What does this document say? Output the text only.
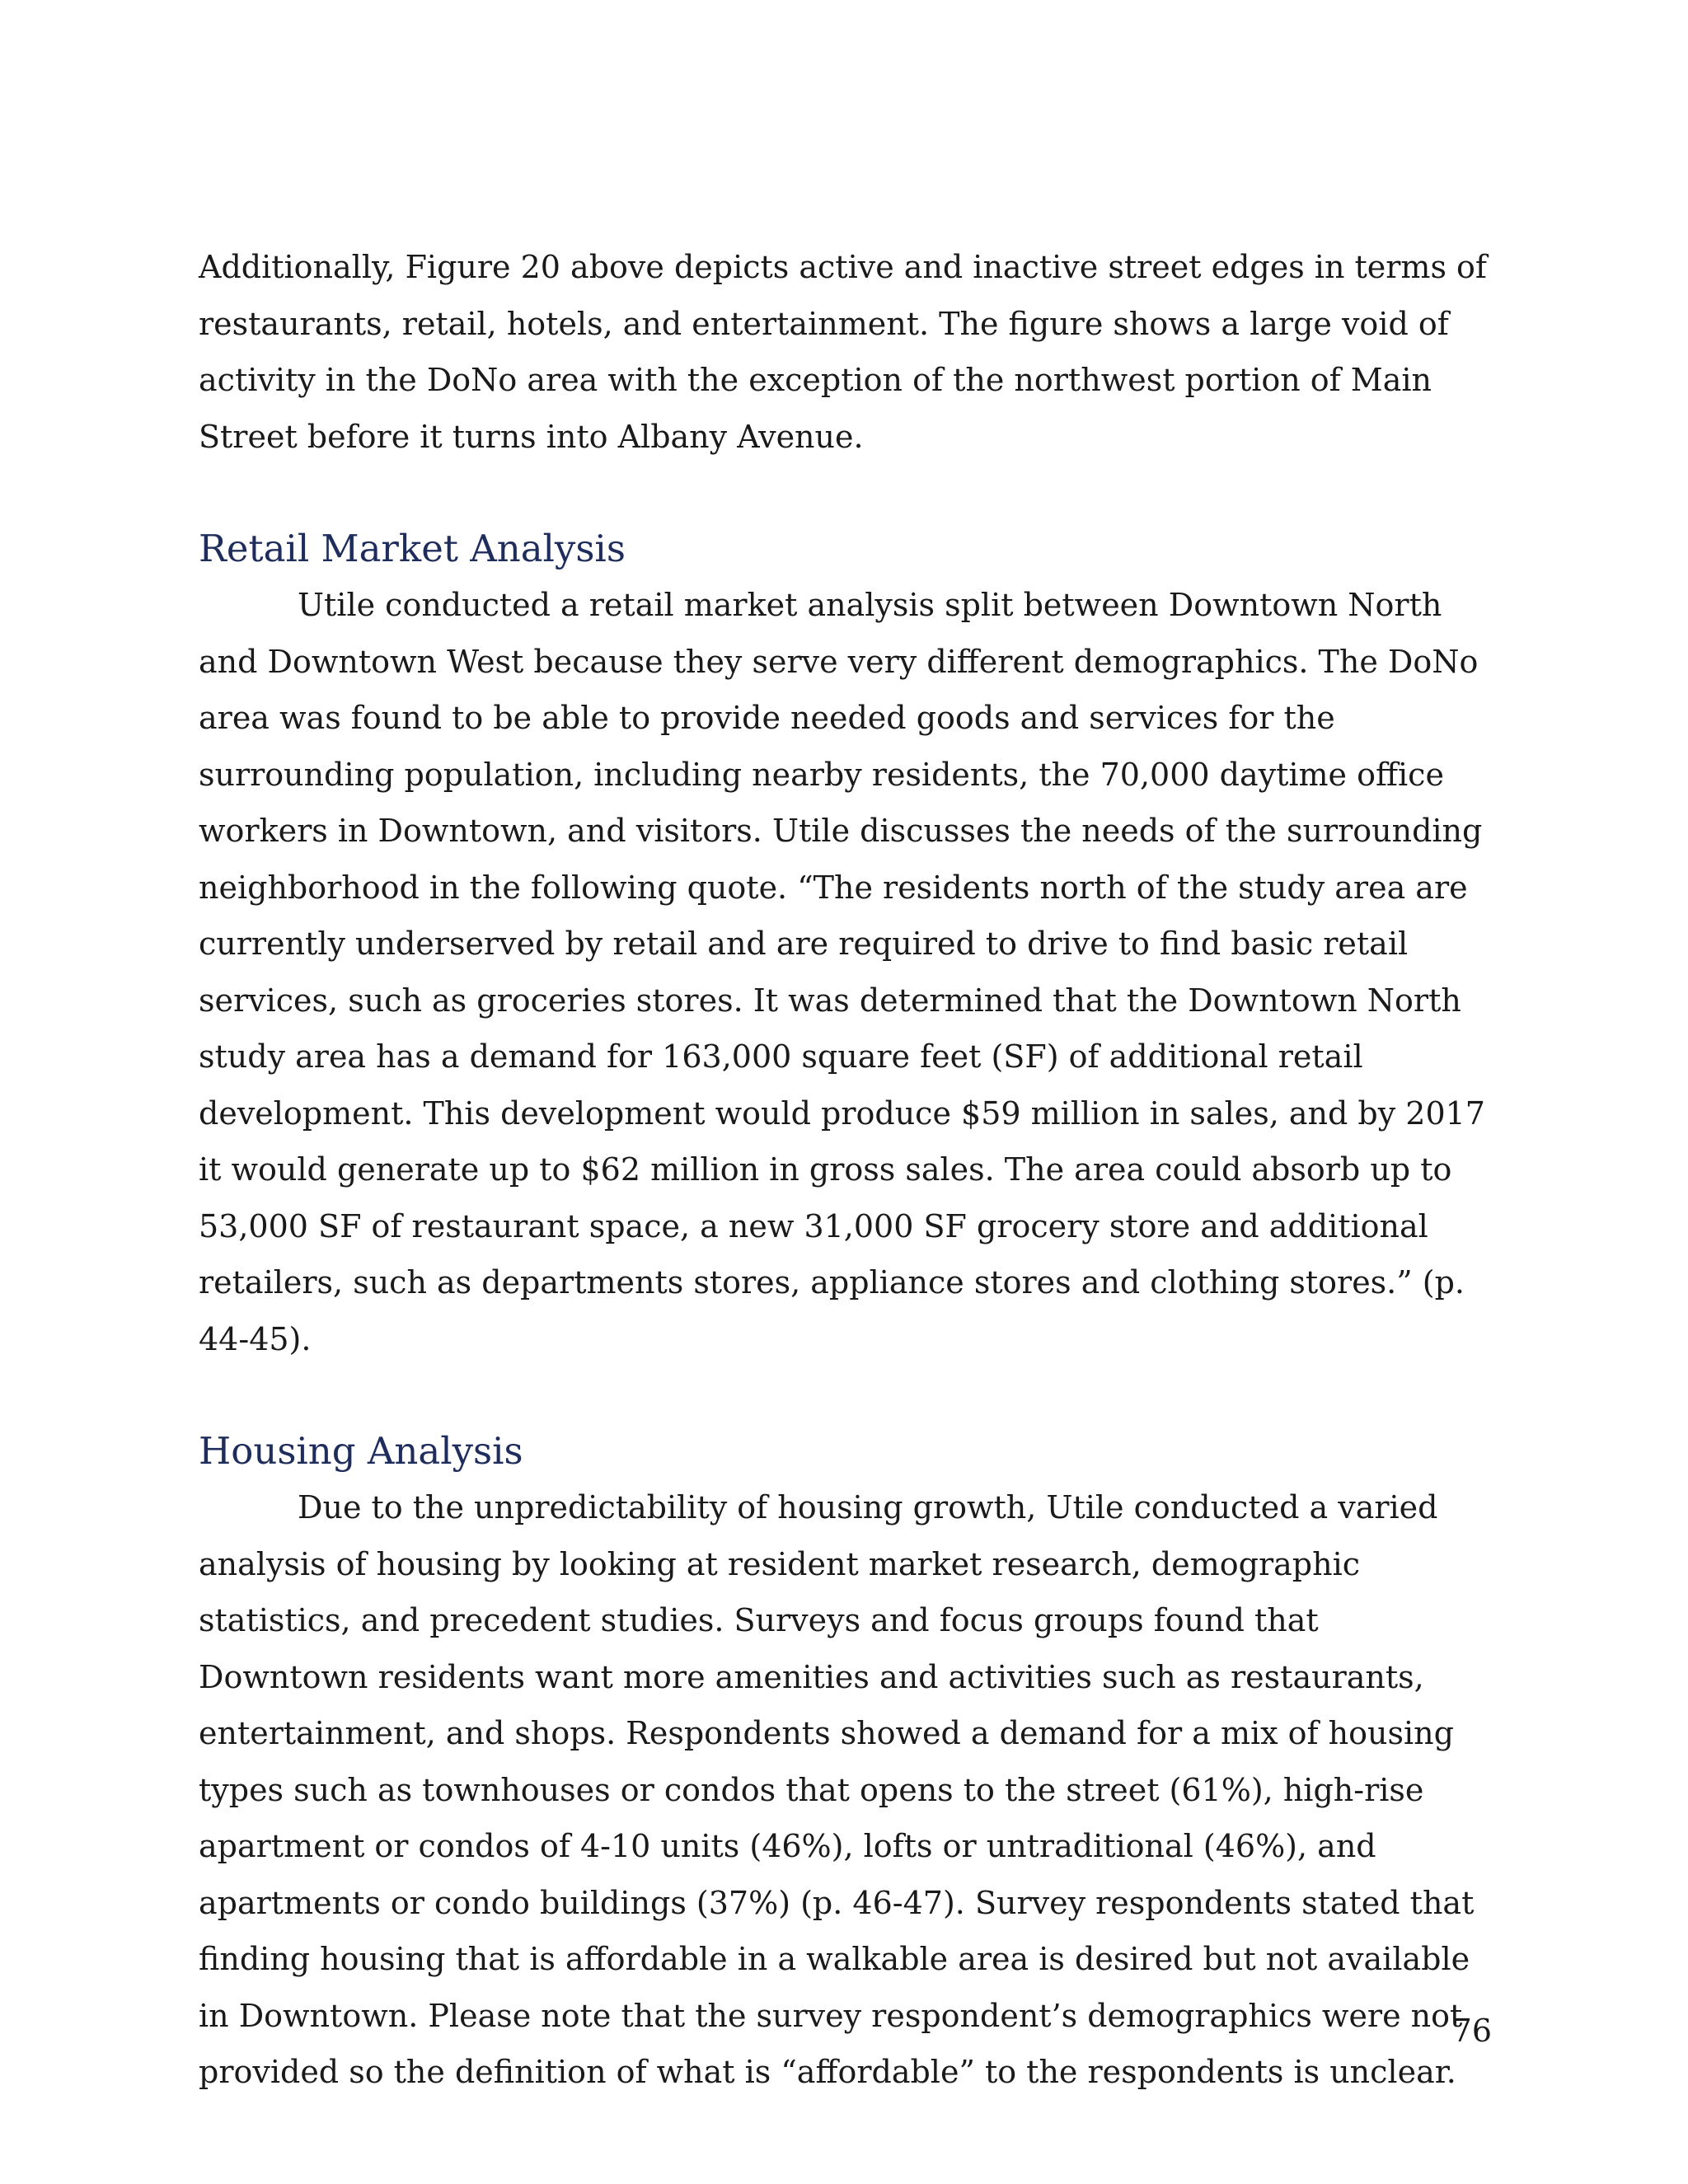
Additionally, Figure 20 above depicts active and inactive street edges in terms of restaurants, retail, hotels, and entertainment. The figure shows a large void of activity in the DoNo area with the exception of the northwest portion of Main Street before it turns into Albany Avenue.

Retail Market Analysis

Utile conducted a retail market analysis split between Downtown North and Downtown West because they serve very different demographics. The DoNo area was found to be able to provide needed goods and services for the surrounding population, including nearby residents, the 70,000 daytime office workers in Downtown, and visitors. Utile discusses the needs of the surrounding neighborhood in the following quote. “The residents north of the study area are currently underserved by retail and are required to drive to find basic retail services, such as groceries stores. It was determined that the Downtown North study area has a demand for 163,000 square feet (SF) of additional retail development. This development would produce $59 million in sales, and by 2017 it would generate up to $62 million in gross sales. The area could absorb up to 53,000 SF of restaurant space, a new 31,000 SF grocery store and additional retailers, such as departments stores, appliance stores and clothing stores.” (p. 44-45).

Housing Analysis

Due to the unpredictability of housing growth, Utile conducted a varied analysis of housing by looking at resident market research, demographic statistics, and precedent studies. Surveys and focus groups found that Downtown residents want more amenities and activities such as restaurants, entertainment, and shops. Respondents showed a demand for a mix of housing types such as townhouses or condos that opens to the street (61%), high-rise apartment or condos of 4-10 units (46%), lofts or untraditional (46%), and apartments or condo buildings (37%) (p. 46-47). Survey respondents stated that finding housing that is affordable in a walkable area is desired but not available in Downtown. Please note that the survey respondent’s demographics were not provided so the definition of what is “affordable” to the respondents is unclear.

76
